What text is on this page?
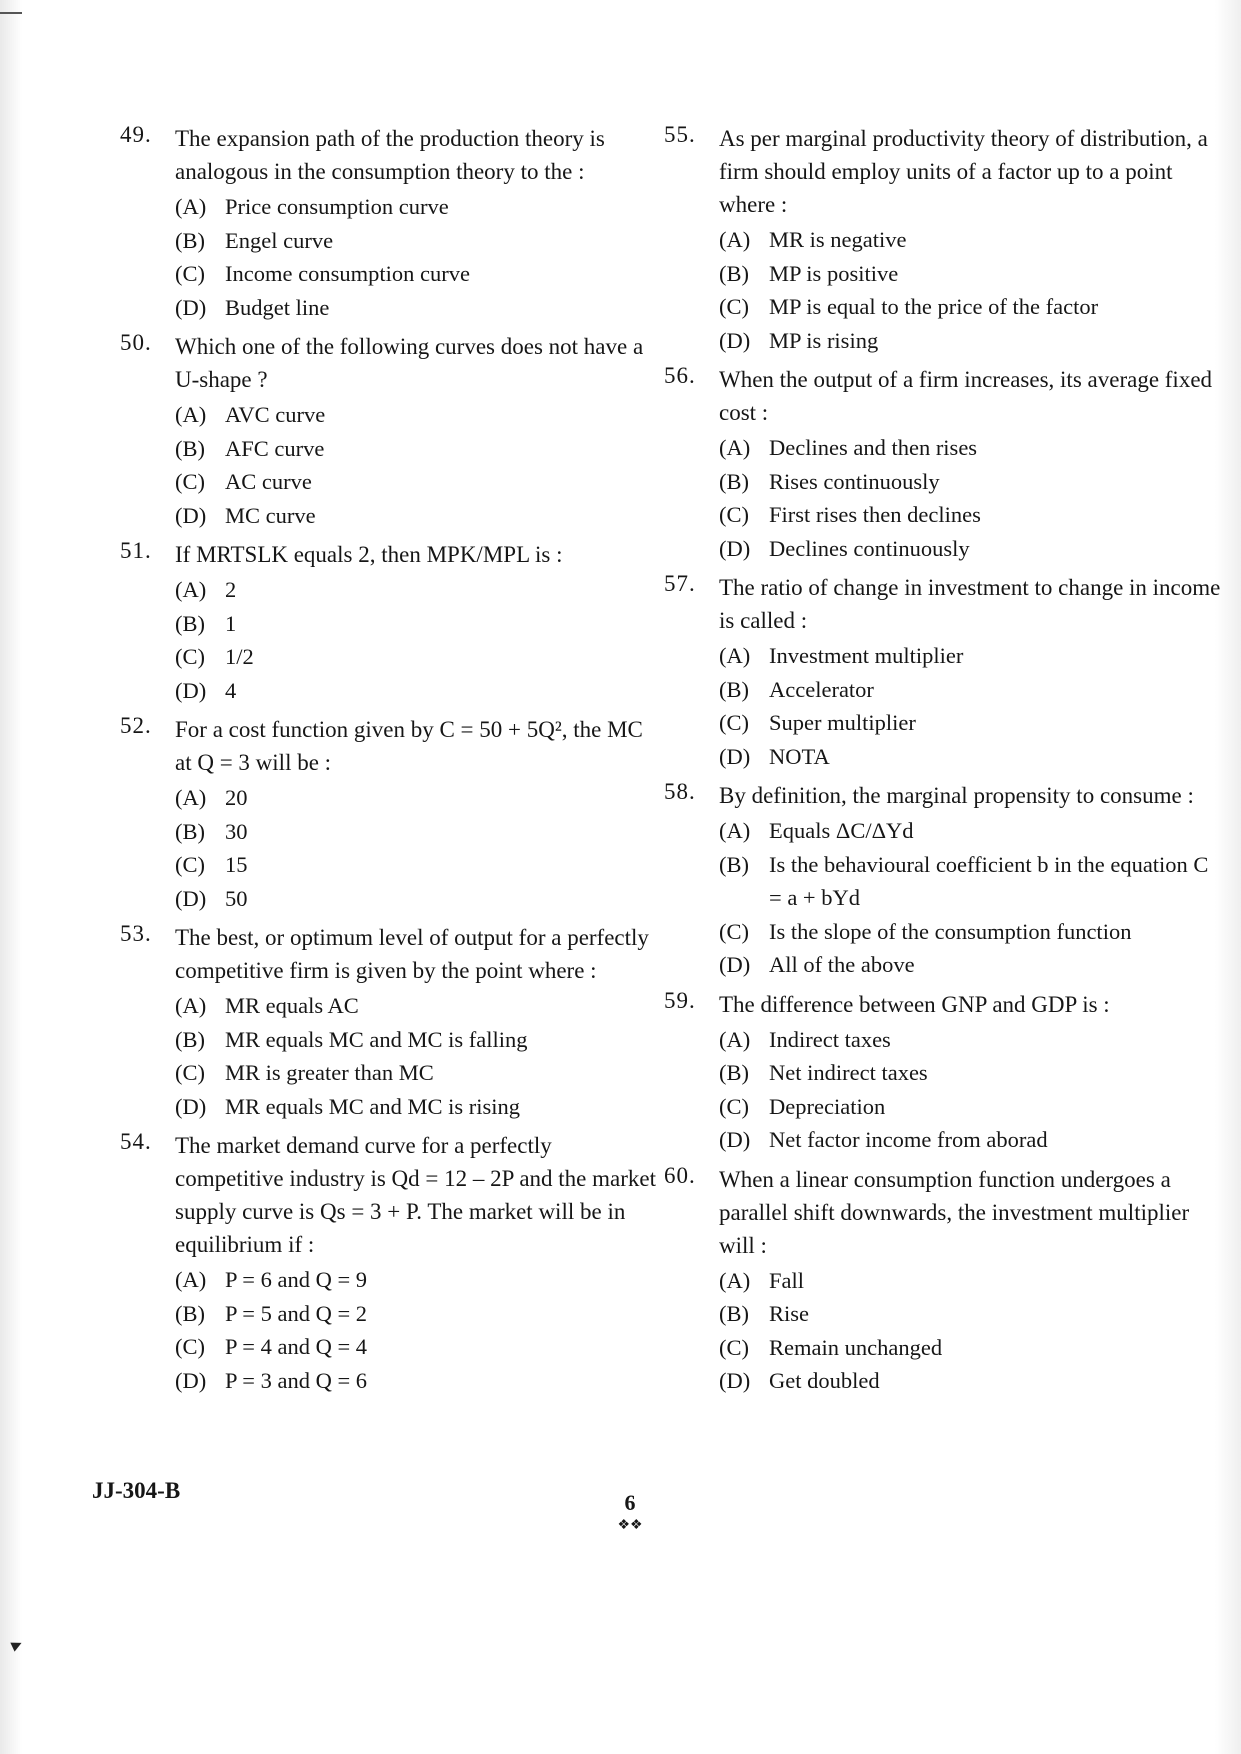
49.	The expansion path of the production theory is analogous in the consumption theory to the :
(A) Price consumption curve
(B) Engel curve
(C) Income consumption curve
(D) Budget line
50.	Which one of the following curves does not have a U-shape ?
(A) AVC curve
(B) AFC curve
(C) AC curve
(D) MC curve
51.	If MRTSLK equals 2, then MPK/MPL is :
(A) 2
(B) 1
(C) 1/2
(D) 4
52.	For a cost function given by C = 50 + 5Q², the MC at Q = 3 will be :
(A) 20
(B) 30
(C) 15
(D) 50
53.	The best, or optimum level of output for a perfectly competitive firm is given by the point where :
(A) MR equals AC
(B) MR equals MC and MC is falling
(C) MR is greater than MC
(D) MR equals MC and MC is rising
54.	The market demand curve for a perfectly competitive industry is Qd = 12 – 2P and the market supply curve is Qs = 3 + P. The market will be in equilibrium if :
(A) P = 6 and Q = 9
(B) P = 5 and Q = 2
(C) P = 4 and Q = 4
(D) P = 3 and Q = 6
55.	As per marginal productivity theory of distribution, a firm should employ units of a factor up to a point where :
(A) MR is negative
(B) MP is positive
(C) MP is equal to the price of the factor
(D) MP is rising
56.	When the output of a firm increases, its average fixed cost :
(A) Declines and then rises
(B) Rises continuously
(C) First rises then declines
(D) Declines continuously
57.	The ratio of change in investment to change in income is called :
(A) Investment multiplier
(B) Accelerator
(C) Super multiplier
(D) NOTA
58.	By definition, the marginal propensity to consume :
(A) Equals ΔC/ΔYd
(B) Is the behavioural coefficient b in the equation C = a + bYd
(C) Is the slope of the consumption function
(D) All of the above
59.	The difference between GNP and GDP is :
(A) Indirect taxes
(B) Net indirect taxes
(C) Depreciation
(D) Net factor income from aborad
60.	When a linear consumption function undergoes a parallel shift downwards, the investment multiplier will :
(A) Fall
(B) Rise
(C) Remain unchanged
(D) Get doubled
JJ-304-B	6
❖❖
